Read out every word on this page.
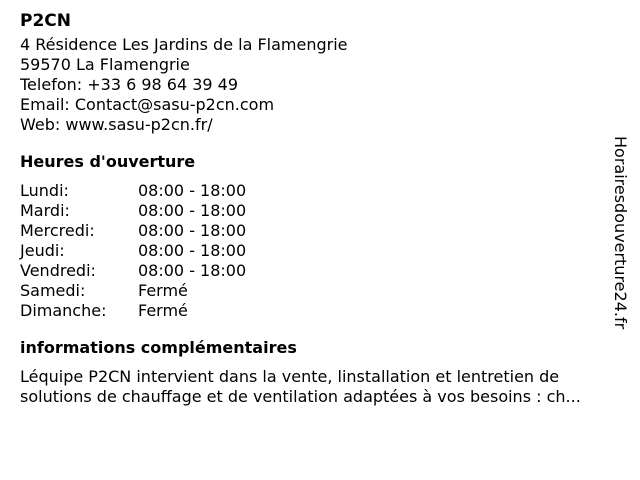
P2CN
4 Résidence Les Jardins de la Flamengrie
59570 La Flamengrie
Telefon: +33 6 98 64 39 49
Email: Contact@sasu-p2cn.com
Web: www.sasu-p2cn.fr/
Heures d'ouverture
Lundi:	08:00 - 18:00
Mardi:	08:00 - 18:00
Mercredi:	08:00 - 18:00
Jeudi:	08:00 - 18:00
Vendredi:	08:00 - 18:00
Samedi:	Fermé
Dimanche:	Fermé
informations complémentaires
Léquipe P2CN intervient dans la vente, linstallation et lentretien de solutions de chauffage et de ventilation adaptées à vos besoins : ch...
Horairesdouverture24.fr
